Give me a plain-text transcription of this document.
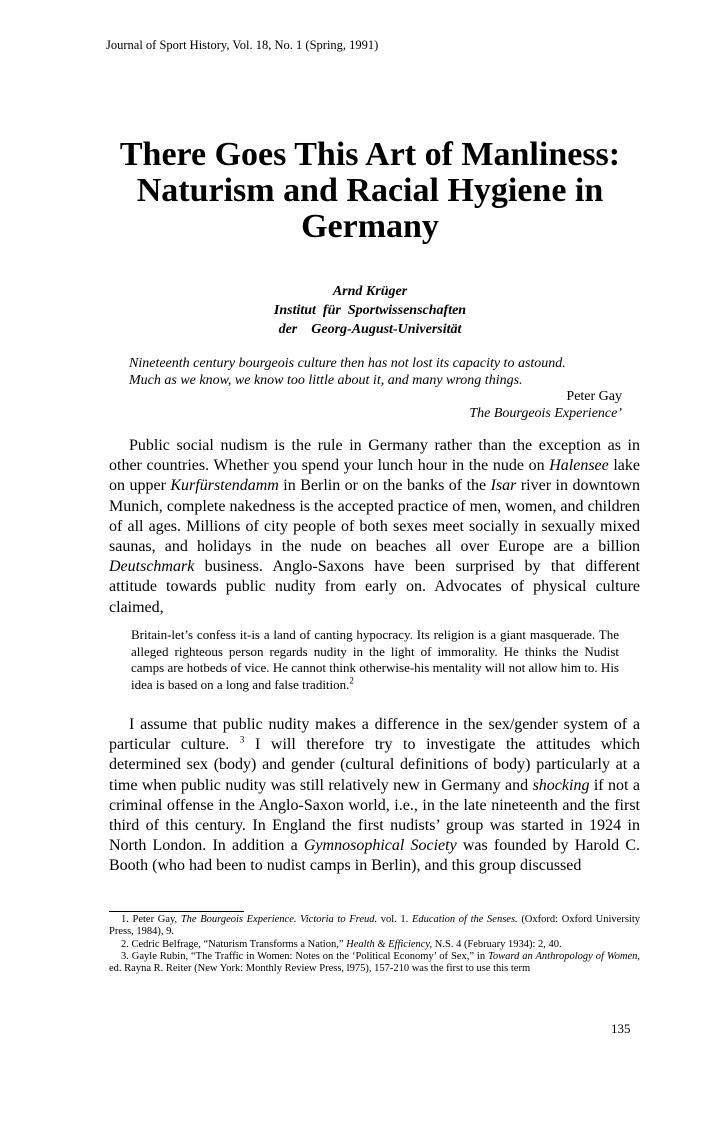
Journal of Sport History, Vol. 18, No. 1 (Spring, 1991)
There Goes This Art of Manliness:
Naturism and Racial Hygiene in
Germany
Arnd Krüger
Institut  für  Sportwissenschaften
der    Georg-August-Universität
Nineteenth century bourgeois culture then has not lost its capacity to astound.
Much as we know, we know too little about it, and many wrong things.
Peter Gay
The Bourgeois Experience’

Public social nudism is the rule in Germany rather than the exception as in other countries. Whether you spend your lunch hour in the nude on Halensee lake on upper Kurfürstendamm in Berlin or on the banks of the Isar river in downtown Munich, complete nakedness is the accepted practice of men, women, and children of all ages. Millions of city people of both sexes meet socially in sexually mixed saunas, and holidays in the nude on beaches all over Europe are a billion Deutschmark business. Anglo-Saxons have been surprised by that different attitude towards public nudity from early on. Advocates of physical culture claimed,

Britain-let’s confess it-is a land of canting hypocracy. Its religion is a giant masquerade. The alleged righteous person regards nudity in the light of immorality. He thinks the Nudist camps are hotbeds of vice. He cannot think otherwise-his mentality will not allow him to. His idea is based on a long and false tradition.$^2$

I assume that public nudity makes a difference in the sex/gender system of a particular culture. $^3$ I will therefore try to investigate the attitudes which determined sex (body) and gender (cultural definitions of body) particularly at a time when public nudity was still relatively new in Germany and shocking if not a criminal offense in the Anglo-Saxon world, i.e., in the late nineteenth and the first third of this century. In England the first nudists’ group was started in 1924 in North London. In addition a Gymnosophical Society was founded by Harold C. Booth (who had been to nudist camps in Berlin), and this group discussed

1. Peter Gay, The Bourgeois Experience. Victoria to Freud. vol. 1. Education of the Senses. (Oxford: Oxford University Press, 1984), 9.

2. Cedric Belfrage, “Naturism Transforms a Nation,” Health & Efficiency, N.S. 4 (February 1934): 2, 40.

3. Gayle Rubin, “The Traffic in Women: Notes on the ‘Political Economy’ of Sex,” in Toward an Anthropology of Women, ed. Rayna R. Reiter (New York: Monthly Review Press, l975), 157-210 was the first to use this term

135
